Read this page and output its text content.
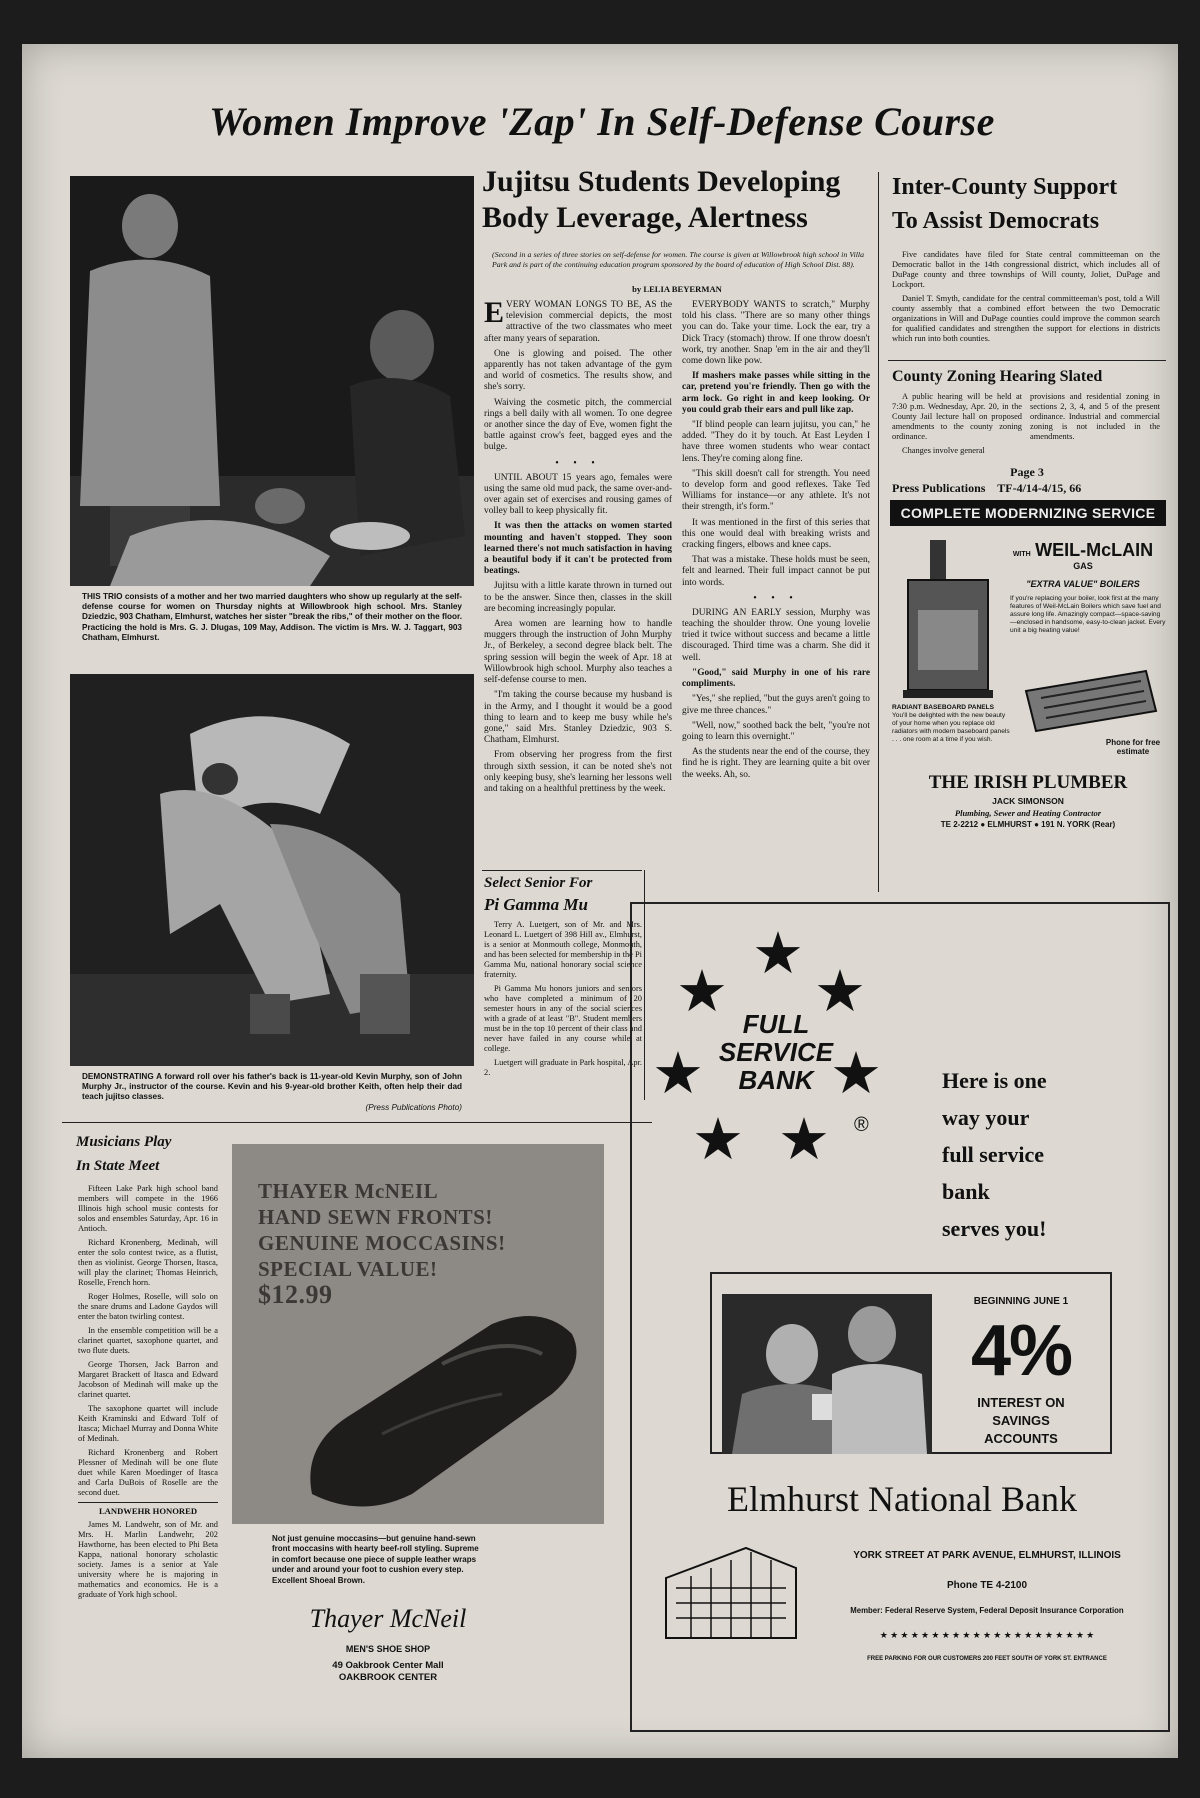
Women Improve 'Zap' In Self-Defense Course
THIS TRIO consists of a mother and her two married daughters who show up regularly at the self-defense course for women on Thursday nights at Willowbrook high school. Mrs. Stanley Dziedzic, 903 Chatham, Elmhurst, watches her sister "break the ribs," of their mother on the floor. Practicing the hold is Mrs. G. J. Dlugas, 109 May, Addison. The victim is Mrs. W. J. Taggart, 903 Chatham, Elmhurst.
DEMONSTRATING A forward roll over his father's back is 11-year-old Kevin Murphy, son of John Murphy Jr., instructor of the course. Kevin and his 9-year-old brother Keith, often help their dad teach jujitso classes.
(Press Publications Photo)
Jujitsu Students Developing
Body Leverage, Alertness
(Second in a series of three stories on self-defense for women. The course is given at Willowbrook high school in Villa Park and is part of the continuing education program sponsored by the board of education of High School Dist. 88).
by LELIA BEYERMAN

EVERY WOMAN LONGS TO BE, AS the television commercial depicts, the most attractive of the two classmates who meet after many years of separation.

One is glowing and poised. The other apparently has not taken advantage of the gym and world of cosmetics. The results show, and she's sorry.

Waiving the cosmetic pitch, the commercial rings a bell daily with all women. To one degree or another since the day of Eve, women fight the battle against crow's feet, bagged eyes and the bulge.

• • •

UNTIL ABOUT 15 years ago, females were using the same old mud pack, the same over-and-over again set of exercises and rousing games of volley ball to keep physically fit.

It was then the attacks on women started mounting and haven't stopped. They soon learned there's not much satisfaction in having a beautiful body if it can't be protected from beatings.

Jujitsu with a little karate thrown in turned out to be the answer. Since then, classes in the skill are becoming increasingly popular.

Area women are learning how to handle muggers through the instruction of John Murphy Jr., of Berkeley, a second degree black belt. The spring session will begin the week of Apr. 18 at Willowbrook high school. Murphy also teaches a self-defense course to men.

"I'm taking the course because my husband is in the Army, and I thought it would be a good thing to learn and to keep me busy while he's gone," said Mrs. Stanley Dziedzic, 903 S. Chatham, Elmhurst.

From observing her progress from the first through sixth session, it can be noted she's not only keeping busy, she's learning her lessons well and taking on a healthful prettiness by the week.

EVERYBODY WANTS to scratch," Murphy told his class. "There are so many other things you can do. Take your time. Lock the ear, try a Dick Tracy (stomach) throw. If one throw doesn't work, try another. Snap 'em in the air and they'll come down like pow.

If mashers make passes while sitting in the car, pretend you're friendly. Then go with the arm lock. Go right in and keep looking. Or you could grab their ears and pull like zap.

"If blind people can learn jujitsu, you can," he added. "They do it by touch. At East Leyden I have three women students who wear contact lens. They're coming along fine.

"This skill doesn't call for strength. You need to develop form and good reflexes. Take Ted Williams for instance—or any athlete. It's not their strength, it's form."

It was mentioned in the first of this series that this one would deal with breaking wrists and cracking fingers, elbows and knee caps.

That was a mistake. These holds must be seen, felt and learned. Their full impact cannot be put into words.

• • •

DURING AN EARLY session, Murphy was teaching the shoulder throw. One young lovelie tried it twice without success and became a little discouraged. Third time was a charm. She did it well.

"Good," said Murphy in one of his rare compliments.

"Yes," she replied, "but the guys aren't going to give me three chances."

"Well, now," soothed back the belt, "you're not going to learn this overnight."

As the students near the end of the course, they find he is right. They are learning quite a bit over the weeks. Ah, so.

Inter-County Support
To Assist Democrats

Five candidates have filed for State central committeeman on the Democratic ballot in the 14th congressional district, which includes all of DuPage county and three townships of Will county, Joliet, DuPage and Lockport.

Daniel T. Smyth, candidate for the central committeeman's post, told a Will county assembly that a combined effort between the two Democratic organizations in Will and DuPage counties could improve the common search for qualified candidates and strengthen the support for elections in districts which run into both counties.

County Zoning Hearing Slated

A public hearing will be held at 7:30 p.m. Wednesday, Apr. 20, in the County Jail lecture hall on proposed amendments to the county zoning ordinance.

Changes involve general

provisions and residential zoning in sections 2, 3, 4, and 5 of the present ordinance. Industrial and commercial zoning is not included in the amendments.

Page 3
Press Publications TF-4/14-4/15, 66
COMPLETE MODERNIZING SERVICE
WITH WEIL-McLAIN
GAS
"EXTRA VALUE" BOILERS
If you're replacing your boiler, look first at the many features of Weil-McLain Boilers which save fuel and assure long life. Amazingly compact—space-saving—enclosed in handsome, easy-to-clean jacket. Every unit a big heating value!
RADIANT BASEBOARD PANELS
You'll be delighted with the new beauty of your home when you replace old radiators with modern baseboard panels . . . one room at a time if you wish.	Phone for free estimate
THE IRISH PLUMBER
JACK SIMONSON
Plumbing, Sewer and Heating Contractor
TE 2-2212 ● ELMHURST ● 191 N. YORK (Rear)
Select Senior For
Pi Gamma Mu

Terry A. Luetgert, son of Mr. and Mrs. Leonard L. Luetgert of 398 Hill av., Elmhurst, is a senior at Monmouth college, Monmouth, and has been selected for membership in the Pi Gamma Mu, national honorary social science fraternity.

Pi Gamma Mu honors juniors and seniors who have completed a minimum of 20 semester hours in any of the social sciences with a grade of at least "B". Student members must be in the top 10 percent of their class and never have failed in any course while at college.

Luetgert will graduate in Park hospital, Apr. 2.

Musicians Play
In State Meet

Fifteen Lake Park high school band members will compete in the 1966 Illinois high school music contests for solos and ensembles Saturday, Apr. 16 in Antioch.

Richard Kronenberg, Medinah, will enter the solo contest twice, as a flutist, then as violinist. George Thorsen, Itasca, will play the clarinet; Thomas Heinrich, Roselle, French horn.

Roger Holmes, Roselle, will solo on the snare drums and Ladone Gaydos will enter the baton twirling contest.

In the ensemble competition will be a clarinet quartet, saxophone quartet, and two flute duets.

George Thorsen, Jack Barron and Margaret Brackett of Itasca and Edward Jacobson of Medinah will make up the clarinet quartet.

The saxophone quartet will include Keith Kraminski and Edward Tolf of Itasca; Michael Murray and Donna White of Medinah.

Richard Kronenberg and Robert Plessner of Medinah will be one flute duet while Karen Moedinger of Itasca and Carla DuBois of Roselle are the second duet.

LANDWEHR HONORED

James M. Landwehr, son of Mr. and Mrs. H. Marlin Landwehr, 202 Hawthorne, has been elected to Phi Beta Kappa, national honorary scholastic society. James is a senior at Yale university where he is majoring in mathematics and economics. He is a graduate of York high school.

THAYER McNEIL
HAND SEWN FRONTS!
GENUINE MOCCASINS!
SPECIAL VALUE!
$12.99
Not just genuine moccasins—but genuine hand-sewn front moccasins with hearty beef-roll styling. Supreme in comfort because one piece of supple leather wraps under and around your foot to cushion every step. Excellent Shoeal Brown.
Thayer McNeil
MEN'S SHOE SHOP
49 Oakbrook Center Mall
OAKBROOK CENTER
★
★ ★
★ ★
★ ★
FULL
SERVICE
BANK
®
Here is one
way your
full service
bank
serves you!
BEGINNING JUNE 1
4%
INTEREST ON
SAVINGS
ACCOUNTS
Elmhurst National Bank
YORK STREET AT PARK AVENUE, ELMHURST, ILLINOIS
Phone TE 4-2100
Member: Federal Reserve System, Federal Deposit Insurance Corporation
★ ★ ★ ★ ★ ★ ★ ★ ★ ★ ★ ★ ★ ★ ★ ★ ★ ★ ★ ★ ★
FREE PARKING FOR OUR CUSTOMERS 200 FEET SOUTH OF YORK ST. ENTRANCE
